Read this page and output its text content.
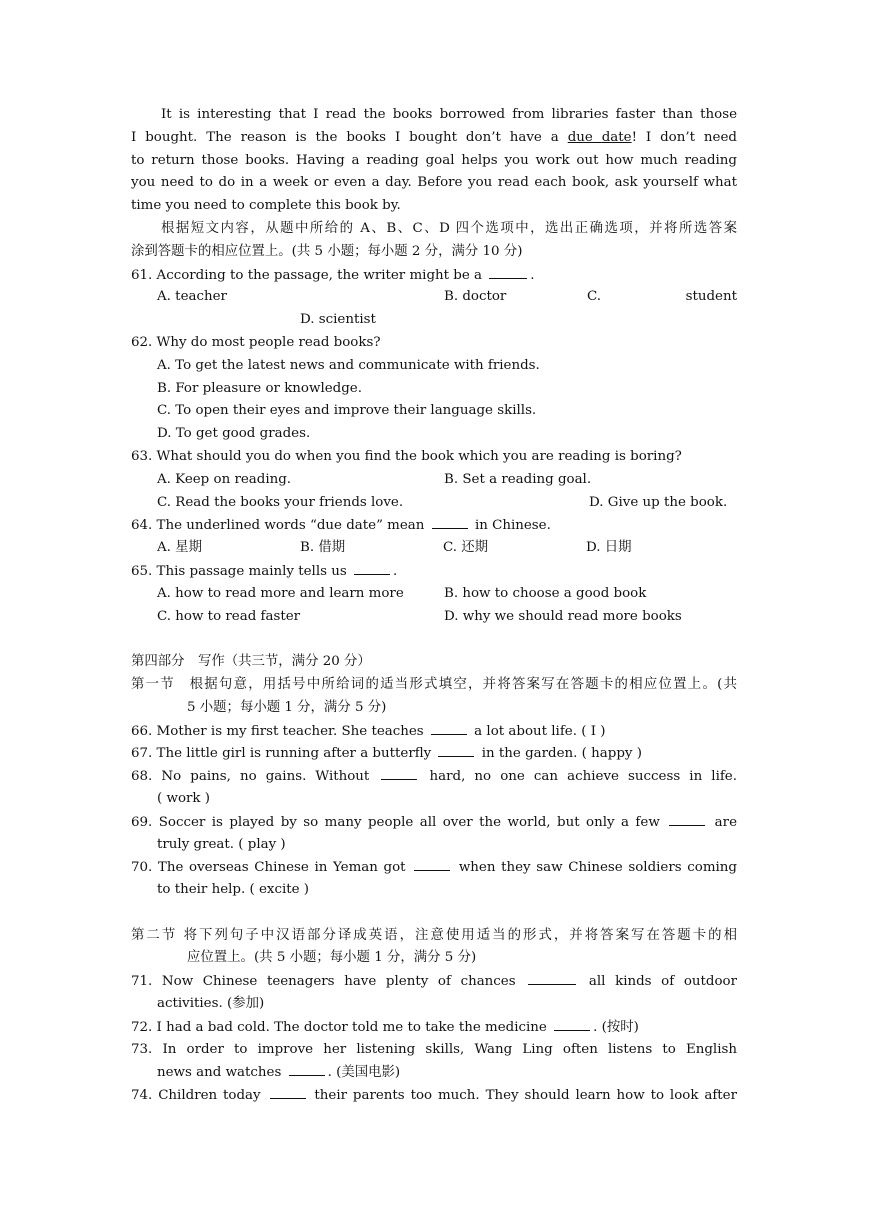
It is interesting that I read the books borrowed from libraries faster than those
I bought. The reason is the books I bought don’t have a due date! I don’t need
to return those books. Having a reading goal helps you work out how much reading
you need to do in a week or even a day. Before you read each book, ask yourself what
time you need to complete this book by.
根据短文内容，从题中所给的 A、B、C、D 四个选项中，选出正确选项，并将所选答案
涂到答题卡的相应位置上。(共 5 小题；每小题 2 分，满分 10 分)
61. According to the passage, the writer might be a	.
A. teacher	B. doctor	C.	student
D. scientist
62. Why do most people read books?
A. To get the latest news and communicate with friends.
B. For pleasure or knowledge.
C. To open their eyes and improve their language skills.
D. To get good grades.
63. What should you do when you find the book which you are reading is boring?
A. Keep on reading.	B. Set a reading goal.
C. Read the books your friends love.	D. Give up the book.
64. The underlined words “due date” mean	in Chinese.
A. 星期	B. 借期	C. 还期	D. 日期
65. This passage mainly tells us	.
A. how to read more and learn more	B. how to choose a good book
C. how to read faster	D. why we should read more books
第四部分　写作（共三节，满分 20 分）
第一节　根据句意，用括号中所给词的适当形式填空，并将答案写在答题卡的相应位置上。(共
5 小题；每小题 1 分，满分 5 分)
66. Mother is my first teacher. She teaches	a lot about life. ( I )
67. The little girl is running after a butterfly	in the garden. ( happy )
68. No pains, no gains. Without	hard, no one can achieve success in life.
( work )
69. Soccer is played by so many people all over the world, but only a few	are
truly great. ( play )
70. The overseas Chinese in Yeman got	when they saw Chinese soldiers coming
to their help. ( excite )
第二节 将下列句子中汉语部分译成英语，注意使用适当的形式，并将答案写在答题卡的相
应位置上。(共 5 小题；每小题 1 分，满分 5 分)
71. Now Chinese teenagers have plenty of chances	all kinds of outdoor
activities. (参加)
72. I had a bad cold. The doctor told me to take the medicine	. (按时)
73. In order to improve her listening skills, Wang Ling often listens to English
news and watches	. (美国电影)
74. Children today	their parents too much. They should learn how to look after
